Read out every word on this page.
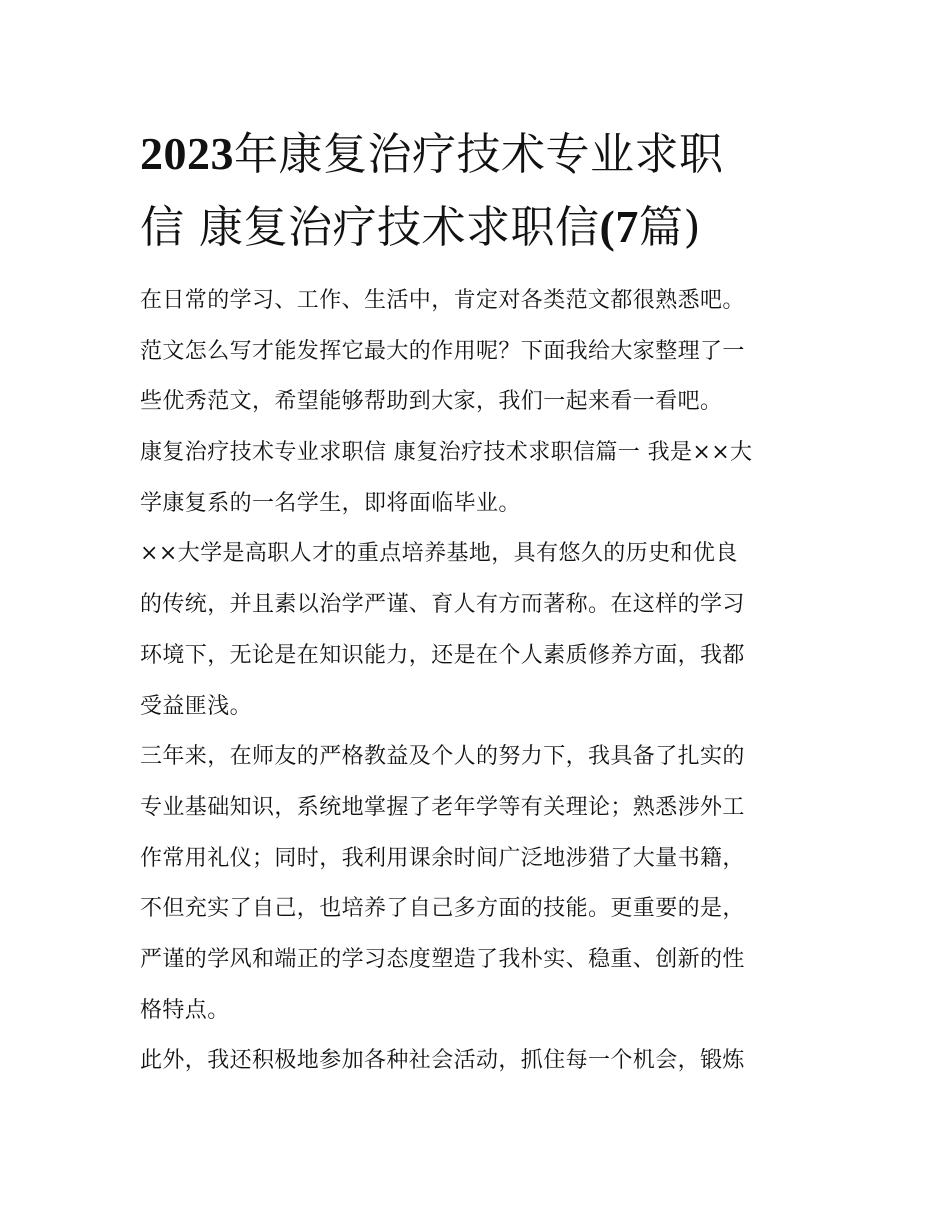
2023年康复治疗技术专业求职
信 康复治疗技术求职信(7篇)
在日常的学习、工作、生活中，肯定对各类范文都很熟悉吧。
范文怎么写才能发挥它最大的作用呢？下面我给大家整理了一
些优秀范文，希望能够帮助到大家，我们一起来看一看吧。
康复治疗技术专业求职信 康复治疗技术求职信篇一 我是××大
学康复系的一名学生，即将面临毕业。
××大学是高职人才的重点培养基地，具有悠久的历史和优良
的传统，并且素以治学严谨、育人有方而著称。在这样的学习
环境下，无论是在知识能力，还是在个人素质修养方面，我都
受益匪浅。
三年来，在师友的严格教益及个人的努力下，我具备了扎实的
专业基础知识，系统地掌握了老年学等有关理论；熟悉涉外工
作常用礼仪；同时，我利用课余时间广泛地涉猎了大量书籍，
不但充实了自己，也培养了自己多方面的技能。更重要的是，
严谨的学风和端正的学习态度塑造了我朴实、稳重、创新的性
格特点。
此外，我还积极地参加各种社会活动，抓住每一个机会，锻炼
